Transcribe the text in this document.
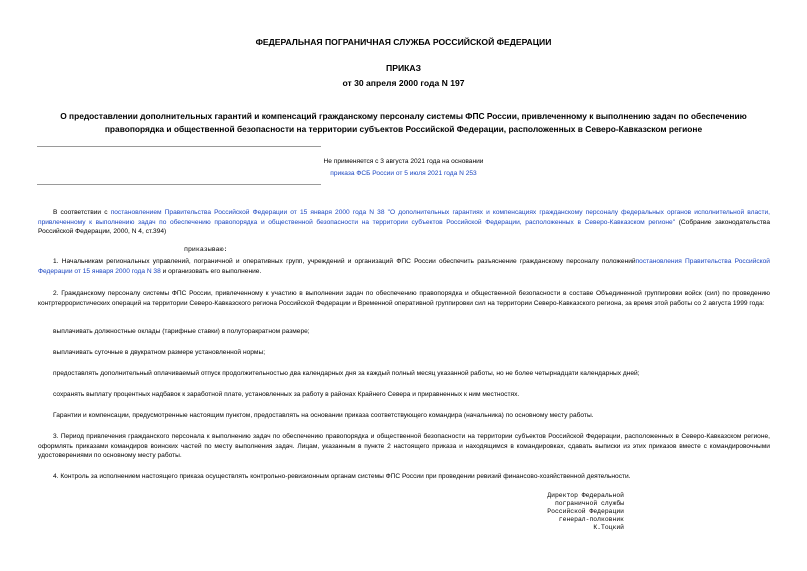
ФЕДЕРАЛЬНАЯ ПОГРАНИЧНАЯ СЛУЖБА РОССИЙСКОЙ ФЕДЕРАЦИИ
ПРИКАЗ
от 30 апреля 2000 года N 197
О предоставлении дополнительных гарантий и компенсаций гражданскому персоналу системы ФПС России, привлеченному к выполнению задач по обеспечению правопорядка и общественной безопасности на территории субъектов Российской Федерации, расположенных в Северо-Кавказском регионе
Не применяется с 3 августа 2021 года на основании
приказа ФСБ России от 5 июля 2021 года N 253
В соответствии с постановлением Правительства Российской Федерации от 15 января 2000 года N 38 "О дополнительных гарантиях и компенсациях гражданскому персоналу федеральных органов исполнительной власти, привлеченному к выполнению задач по обеспечению правопорядка и общественной безопасности на территории субъектов Российской Федерации, расположенных в Северо-Кавказском регионе" (Собрание законодательства Российской Федерации, 2000, N 4, ст.394)
приказываю:
1. Начальникам региональных управлений, пограничной и оперативных групп, учреждений и организаций ФПС России обеспечить разъяснение гражданскому персоналу положенийпостановления Правительства Российской Федерации от 15 января 2000 года N 38 и организовать его выполнение.
2. Гражданскому персоналу системы ФПС России, привлеченному к участию в выполнении задач по обеспечению правопорядка и общественной безопасности в составе Объединенной группировки войск (сил) по проведению контртеррористических операций на территории Северо-Кавказского региона Российской Федерации и Временной оперативной группировки сил на территории Северо-Кавказского региона, за время этой работы со 2 августа 1999 года:
выплачивать должностные оклады (тарифные ставки) в полуторакратном размере;
выплачивать суточные в двукратном размере установленной нормы;
предоставлять дополнительный оплачиваемый отпуск продолжительностью два календарных дня за каждый полный месяц указанной работы, но не более четырнадцати календарных дней;
сохранять выплату процентных надбавок к заработной плате, установленных за работу в районах Крайнего Севера и приравненных к ним местностях.
Гарантии и компенсации, предусмотренные настоящим пунктом, предоставлять на основании приказа соответствующего командира (начальника) по основному месту работы.
3. Период привлечения гражданского персонала к выполнению задач по обеспечению правопорядка и общественной безопасности на территории субъектов Российской Федерации, расположенных в Северо-Кавказском регионе, оформлять приказами командиров воинских частей по месту выполнения задач. Лицам, указанным в пункте 2 настоящего приказа и находящимся в командировках, сдавать выписки из этих приказов вместе с командировочными удостоверениями по основному месту работы.
4. Контроль за исполнением настоящего приказа осуществлять контрольно-ревизионным органам системы ФПС России при проведении ревизий финансово-хозяйственной деятельности.
Директор Федеральной
пограничной службы
Российской Федерации
генерал-полковник
К.Тоцкий
